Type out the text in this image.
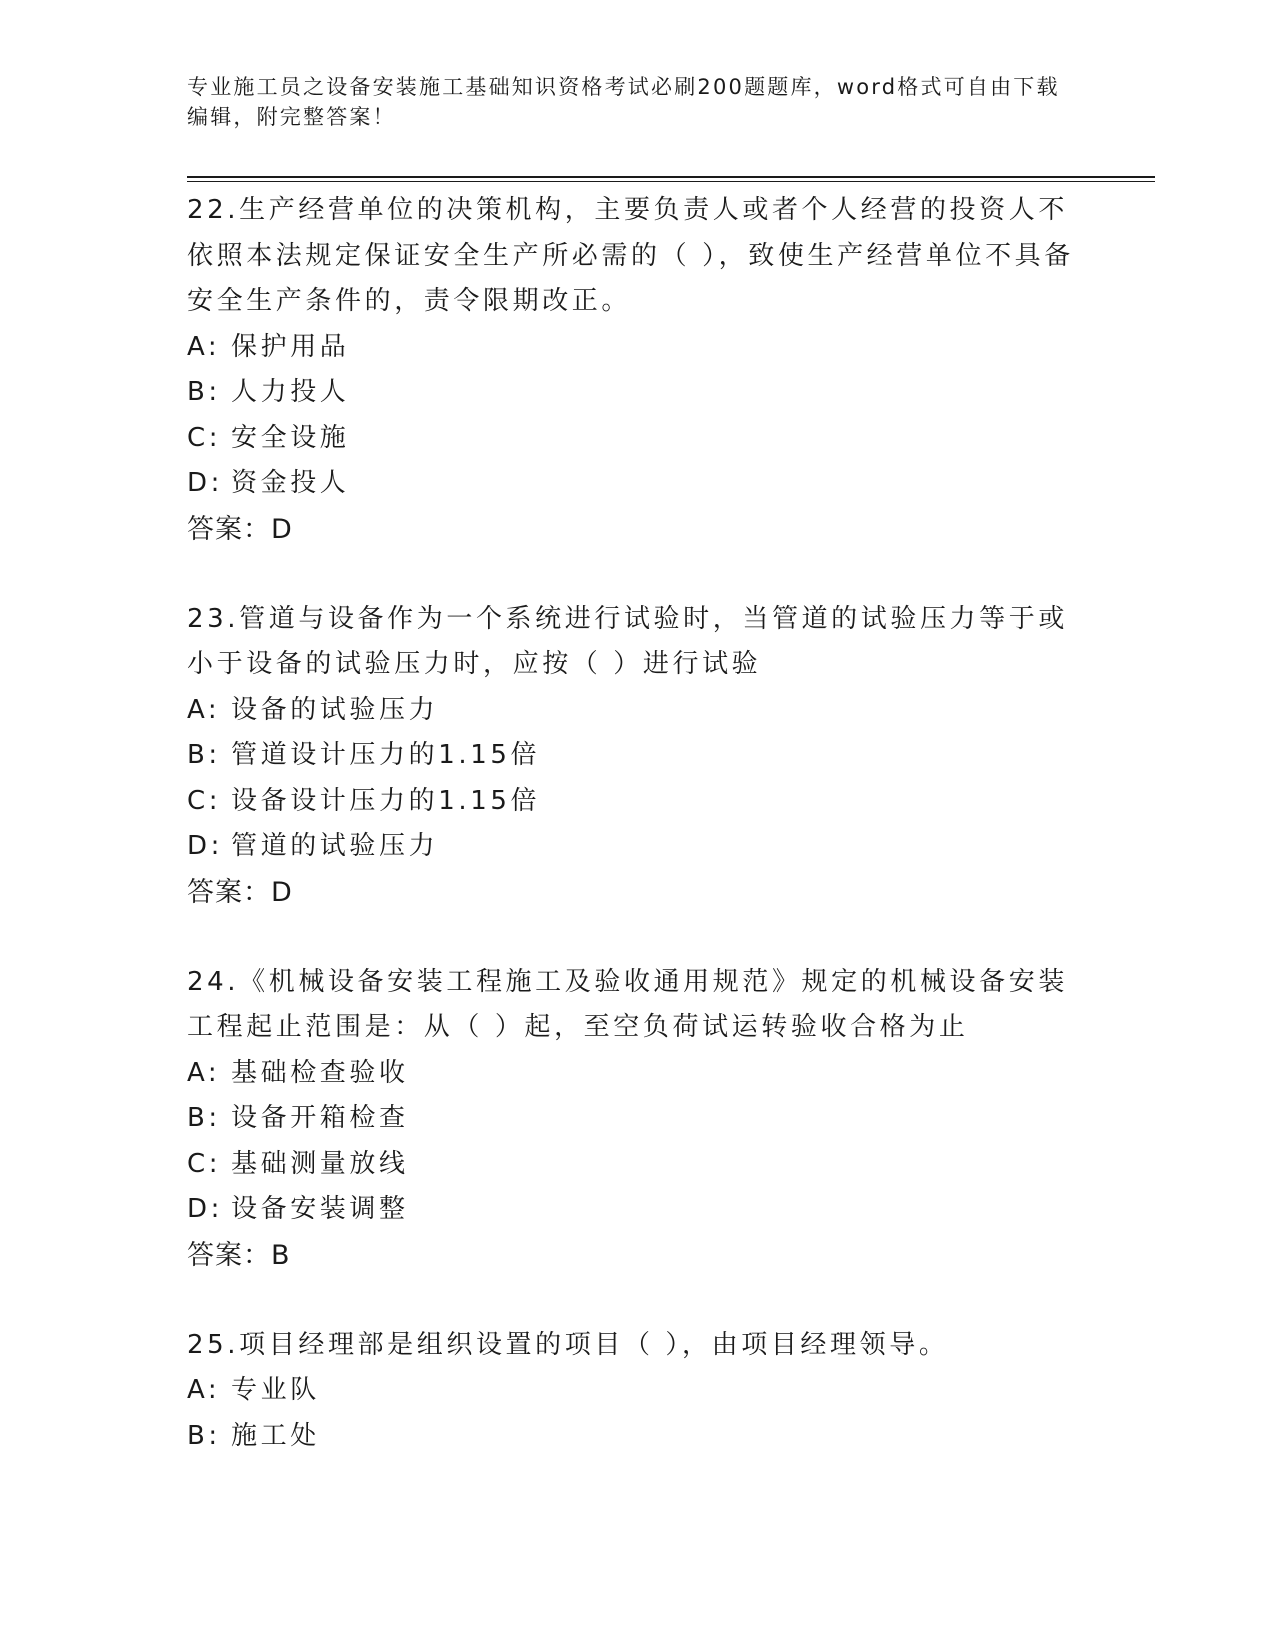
专业施工员之设备安装施工基础知识资格考试必刷200题题库，word格式可自由下载编辑，附完整答案！
22.生产经营单位的决策机构，主要负责人或者个人经营的投资人不依照本法规定保证安全生产所必需的（ ），致使生产经营单位不具备安全生产条件的，责令限期改正。
A: 保护用品
B: 人力投人
C: 安全设施
D: 资金投人
答案：D
23.管道与设备作为一个系统进行试验时，当管道的试验压力等于或小于设备的试验压力时，应按（ ）进行试验
A: 设备的试验压力
B: 管道设计压力的1.15倍
C: 设备设计压力的1.15倍
D: 管道的试验压力
答案：D
24.《机械设备安装工程施工及验收通用规范》规定的机械设备安装工程起止范围是：从（ ）起，至空负荷试运转验收合格为止
A: 基础检查验收
B: 设备开箱检查
C: 基础测量放线
D: 设备安装调整
答案：B
25.项目经理部是组织设置的项目（ ），由项目经理领导。
A: 专业队
B: 施工处
